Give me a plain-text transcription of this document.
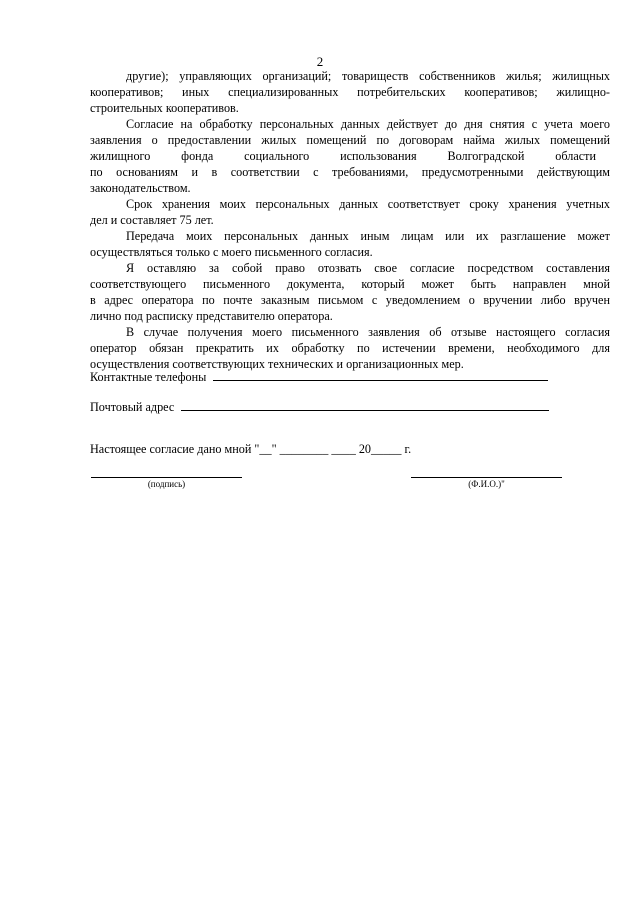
2

другие); управляющих организаций; товариществ собственников жилья; жилищных
кооперативов; иных специализированных потребительских кооперативов; жилищно-
строительных кооперативов.

Согласие на обработку персональных данных действует до дня снятия с учета моего
заявления о предоставлении жилых помещений по договорам найма жилых помещений
жилищного фонда социального использования Волгоградской области
по основаниям и в соответствии с требованиями, предусмотренными действующим
законодательством.

Срок хранения моих персональных данных соответствует сроку хранения учетных
дел и составляет 75 лет.

Передача моих персональных данных иным лицам или их разглашение может
осуществляться только с моего письменного согласия.

Я оставляю за собой право отозвать свое согласие посредством составления
соответствующего письменного документа, который может быть направлен мной
в адрес оператора по почте заказным письмом с уведомлением о вручении либо вручен
лично под расписку представителю оператора.

В случае получения моего письменного заявления об отзыве настоящего согласия
оператор обязан прекратить их обработку по истечении времени, необходимого для
осуществления соответствующих технических и организационных мер.

Контактные телефоны
Почтовый адрес
Настоящее согласие дано мной "__" ________ ____ 20_____ г.
(подпись)	(Ф.И.О.)"
